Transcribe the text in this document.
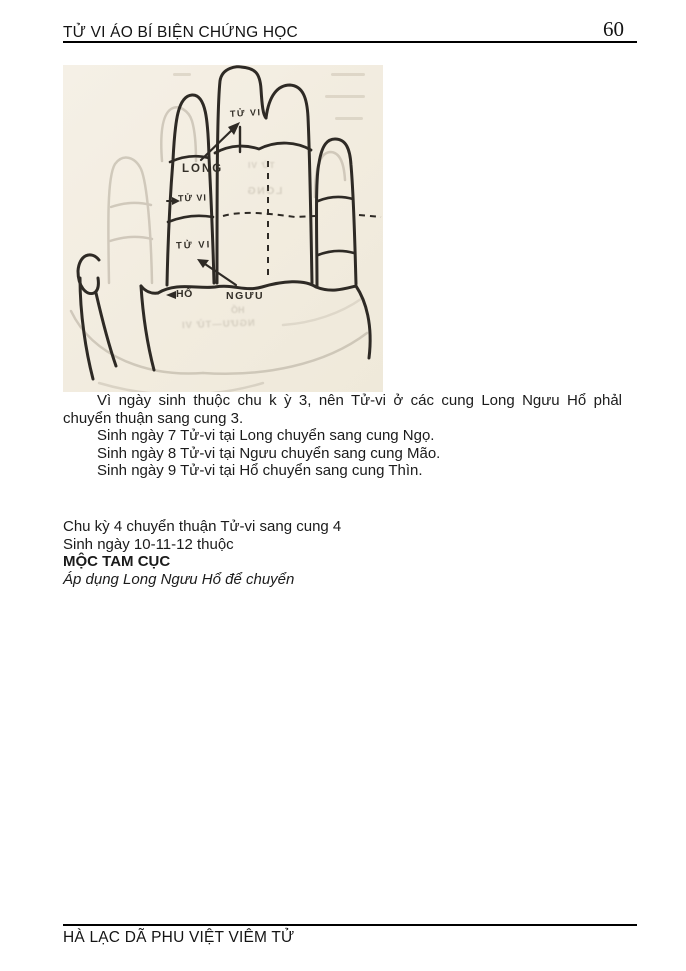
TỬ VI ÁO BÍ BIỆN CHỨNG HỌC	60
TỬ VI
LONG
TỬ VI
TỬ VI
HỔ	NGƯU
TỬ VI
LONG
HỔ
NGƯU—TỬ VI

Vì ngày sinh thuộc chu k ỳ 3, nên Tử-vi ở các cung Long Ngưu Hổ phảl chuyển thuận sang cung 3.

Sinh ngày 7 Tử-vi tại Long chuyển sang cung Ngọ.

Sinh ngày 8 Tử-vi tại Ngưu chuyển sang cung Mão.

Sinh ngày 9 Tử-vi tại Hổ chuyển sang cung Thìn.

Chu kỳ 4 chuyển thuận Tử-vi sang cung 4

Sinh ngày 10-11-12 thuộc

MỘC TAM CỤC

Áp dụng Long Ngưu Hổ để chuyển

HÀ LẠC DÃ PHU VIỆT VIÊM TỬ
